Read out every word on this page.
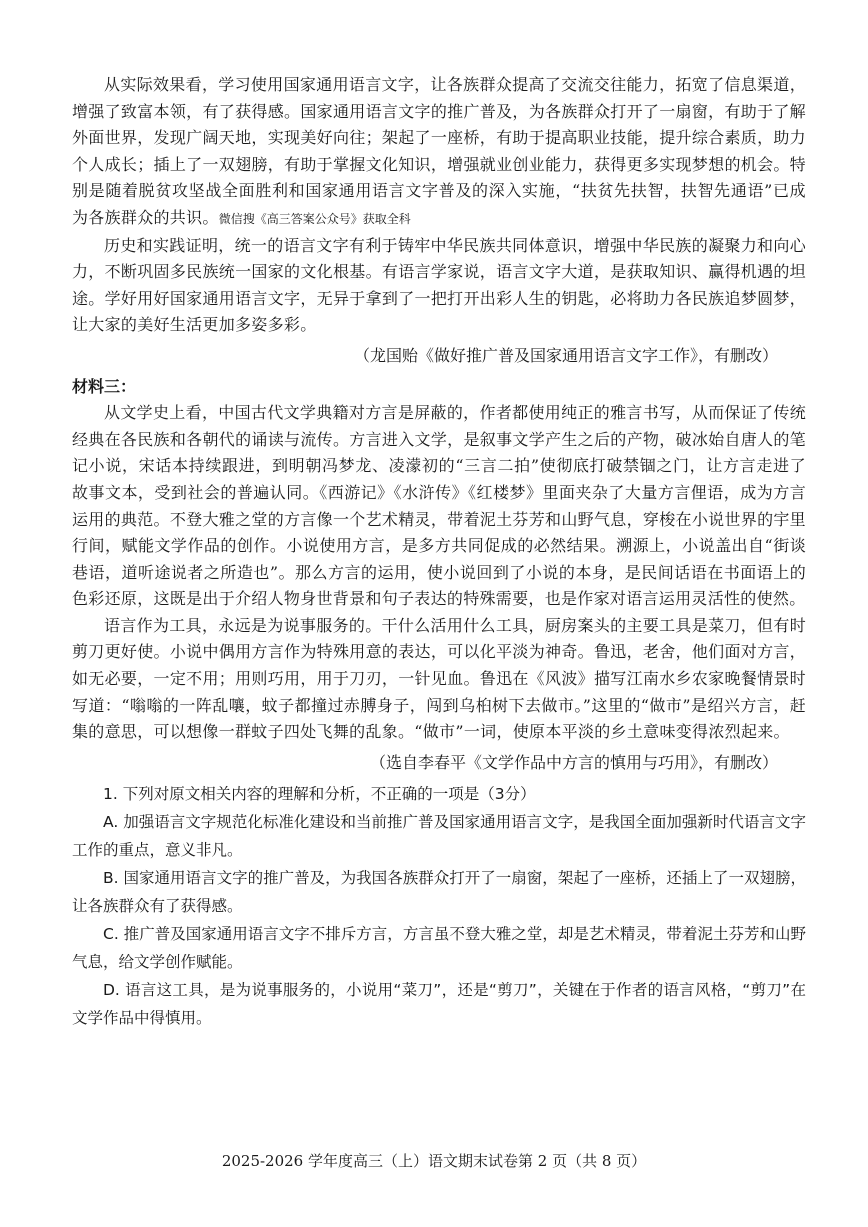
从实际效果看，学习使用国家通用语言文字，让各族群众提高了交流交往能力，拓宽了信息渠道，增强了致富本领，有了获得感。国家通用语言文字的推广普及，为各族群众打开了一扇窗，有助于了解外面世界，发现广阔天地，实现美好向往；架起了一座桥，有助于提高职业技能，提升综合素质，助力个人成长；插上了一双翅膀，有助于掌握文化知识，增强就业创业能力，获得更多实现梦想的机会。特别是随着脱贫攻坚战全面胜利和国家通用语言文字普及的深入实施，“扶贫先扶智，扶智先通语”已成为各族群众的共识。微信搜《高三答案公众号》获取全科

历史和实践证明，统一的语言文字有利于铸牢中华民族共同体意识，增强中华民族的凝聚力和向心力，不断巩固多民族统一国家的文化根基。有语言学家说，语言文字大道，是获取知识、赢得机遇的坦途。学好用好国家通用语言文字，无异于拿到了一把打开出彩人生的钥匙，必将助力各民族追梦圆梦，让大家的美好生活更加多姿多彩。

（龙国贻《做好推广普及国家通用语言文字工作》，有删改）

材料三：

从文学史上看，中国古代文学典籍对方言是屏蔽的，作者都使用纯正的雅言书写，从而保证了传统经典在各民族和各朝代的诵读与流传。方言进入文学，是叙事文学产生之后的产物，破冰始自唐人的笔记小说，宋话本持续跟进，到明朝冯梦龙、凌濛初的“三言二拍”使彻底打破禁锢之门，让方言走进了故事文本，受到社会的普遍认同。《西游记》《水浒传》《红楼梦》里面夹杂了大量方言俚语，成为方言运用的典范。不登大雅之堂的方言像一个艺术精灵，带着泥土芬芳和山野气息，穿梭在小说世界的宇里行间，赋能文学作品的创作。小说使用方言，是多方共同促成的必然结果。溯源上，小说盖出自“街谈巷语，道听途说者之所造也”。那么方言的运用，使小说回到了小说的本身，是民间话语在书面语上的色彩还原，这既是出于介绍人物身世背景和句子表达的特殊需要，也是作家对语言运用灵活性的使然。

语言作为工具，永远是为说事服务的。干什么活用什么工具，厨房案头的主要工具是菜刀，但有时剪刀更好使。小说中偶用方言作为特殊用意的表达，可以化平淡为神奇。鲁迅，老舍，他们面对方言，如无必要，一定不用；用则巧用，用于刀刃，一针见血。鲁迅在《风波》描写江南水乡农家晚餐情景时写道：“嗡嗡的一阵乱嚷，蚊子都撞过赤膊身子，闯到乌桕树下去做市。”这里的“做市”是绍兴方言，赶集的意思，可以想像一群蚊子四处飞舞的乱象。“做市”一词，使原本平淡的乡土意味变得浓烈起来。

（选自李春平《文学作品中方言的慎用与巧用》，有删改）

1. 下列对原文相关内容的理解和分析，不正确的一项是（3分）

A. 加强语言文字规范化标准化建设和当前推广普及国家通用语言文字，是我国全面加强新时代语言文字工作的重点，意义非凡。

B. 国家通用语言文字的推广普及，为我国各族群众打开了一扇窗，架起了一座桥，还插上了一双翅膀，让各族群众有了获得感。

C. 推广普及国家通用语言文字不排斥方言，方言虽不登大雅之堂，却是艺术精灵，带着泥土芬芳和山野气息，给文学创作赋能。

D. 语言这工具，是为说事服务的，小说用“菜刀”，还是“剪刀”，关键在于作者的语言风格，“剪刀”在文学作品中得慎用。

2025-2026 学年度高三（上）语文期末试卷第 2 页（共 8 页）
